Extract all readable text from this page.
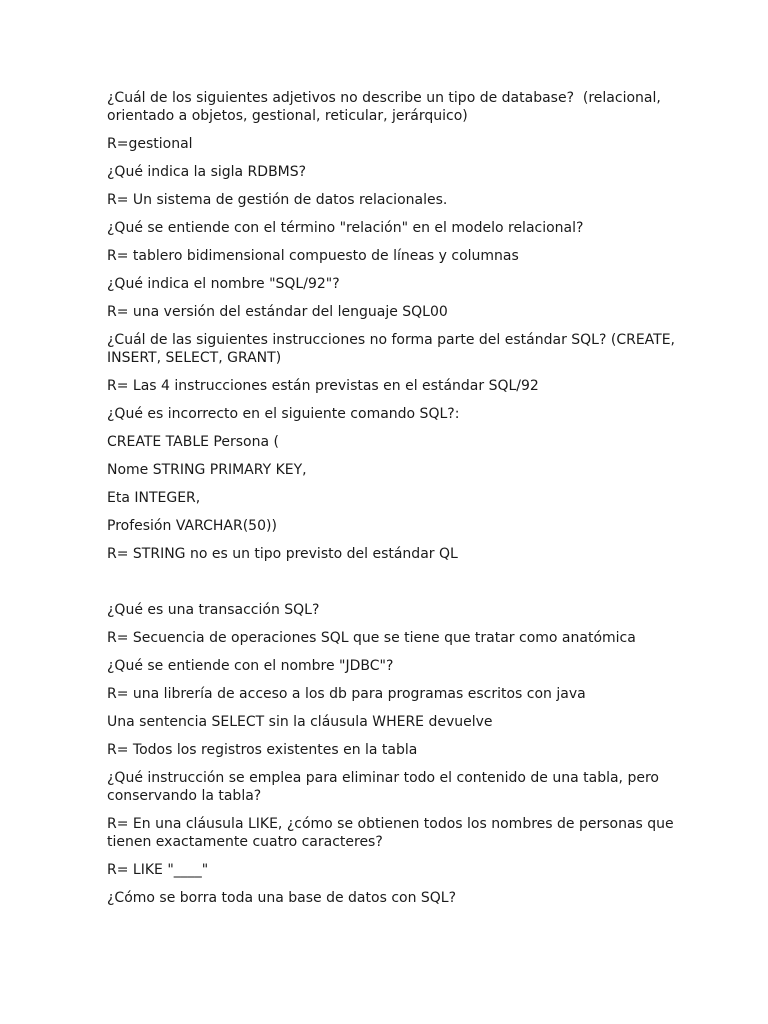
¿Cuál de los siguientes adjetivos no describe un tipo de database?  (relacional, orientado a objetos, gestional, reticular, jerárquico)

R=gestional

¿Qué indica la sigla RDBMS?

R= Un sistema de gestión de datos relacionales.

¿Qué se entiende con el término "relación" en el modelo relacional?

R= tablero bidimensional compuesto de líneas y columnas

¿Qué indica el nombre "SQL/92"?

R= una versión del estándar del lenguaje SQL00

¿Cuál de las siguientes instrucciones no forma parte del estándar SQL? (CREATE, INSERT, SELECT, GRANT)

R= Las 4 instrucciones están previstas en el estándar SQL/92

¿Qué es incorrecto en el siguiente comando SQL?:

CREATE TABLE Persona (

Nome STRING PRIMARY KEY,

Eta INTEGER,

Profesión VARCHAR(50))

R= STRING no es un tipo previsto del estándar QL

¿Qué es una transacción SQL?

R= Secuencia de operaciones SQL que se tiene que tratar como anatómica

¿Qué se entiende con el nombre "JDBC"?

R= una librería de acceso a los db para programas escritos con java

Una sentencia SELECT sin la cláusula WHERE devuelve

R= Todos los registros existentes en la tabla

¿Qué instrucción se emplea para eliminar todo el contenido de una tabla, pero conservando la tabla?

R= En una cláusula LIKE, ¿cómo se obtienen todos los nombres de personas que tienen exactamente cuatro caracteres?

R= LIKE "____"

¿Cómo se borra toda una base de datos con SQL?
